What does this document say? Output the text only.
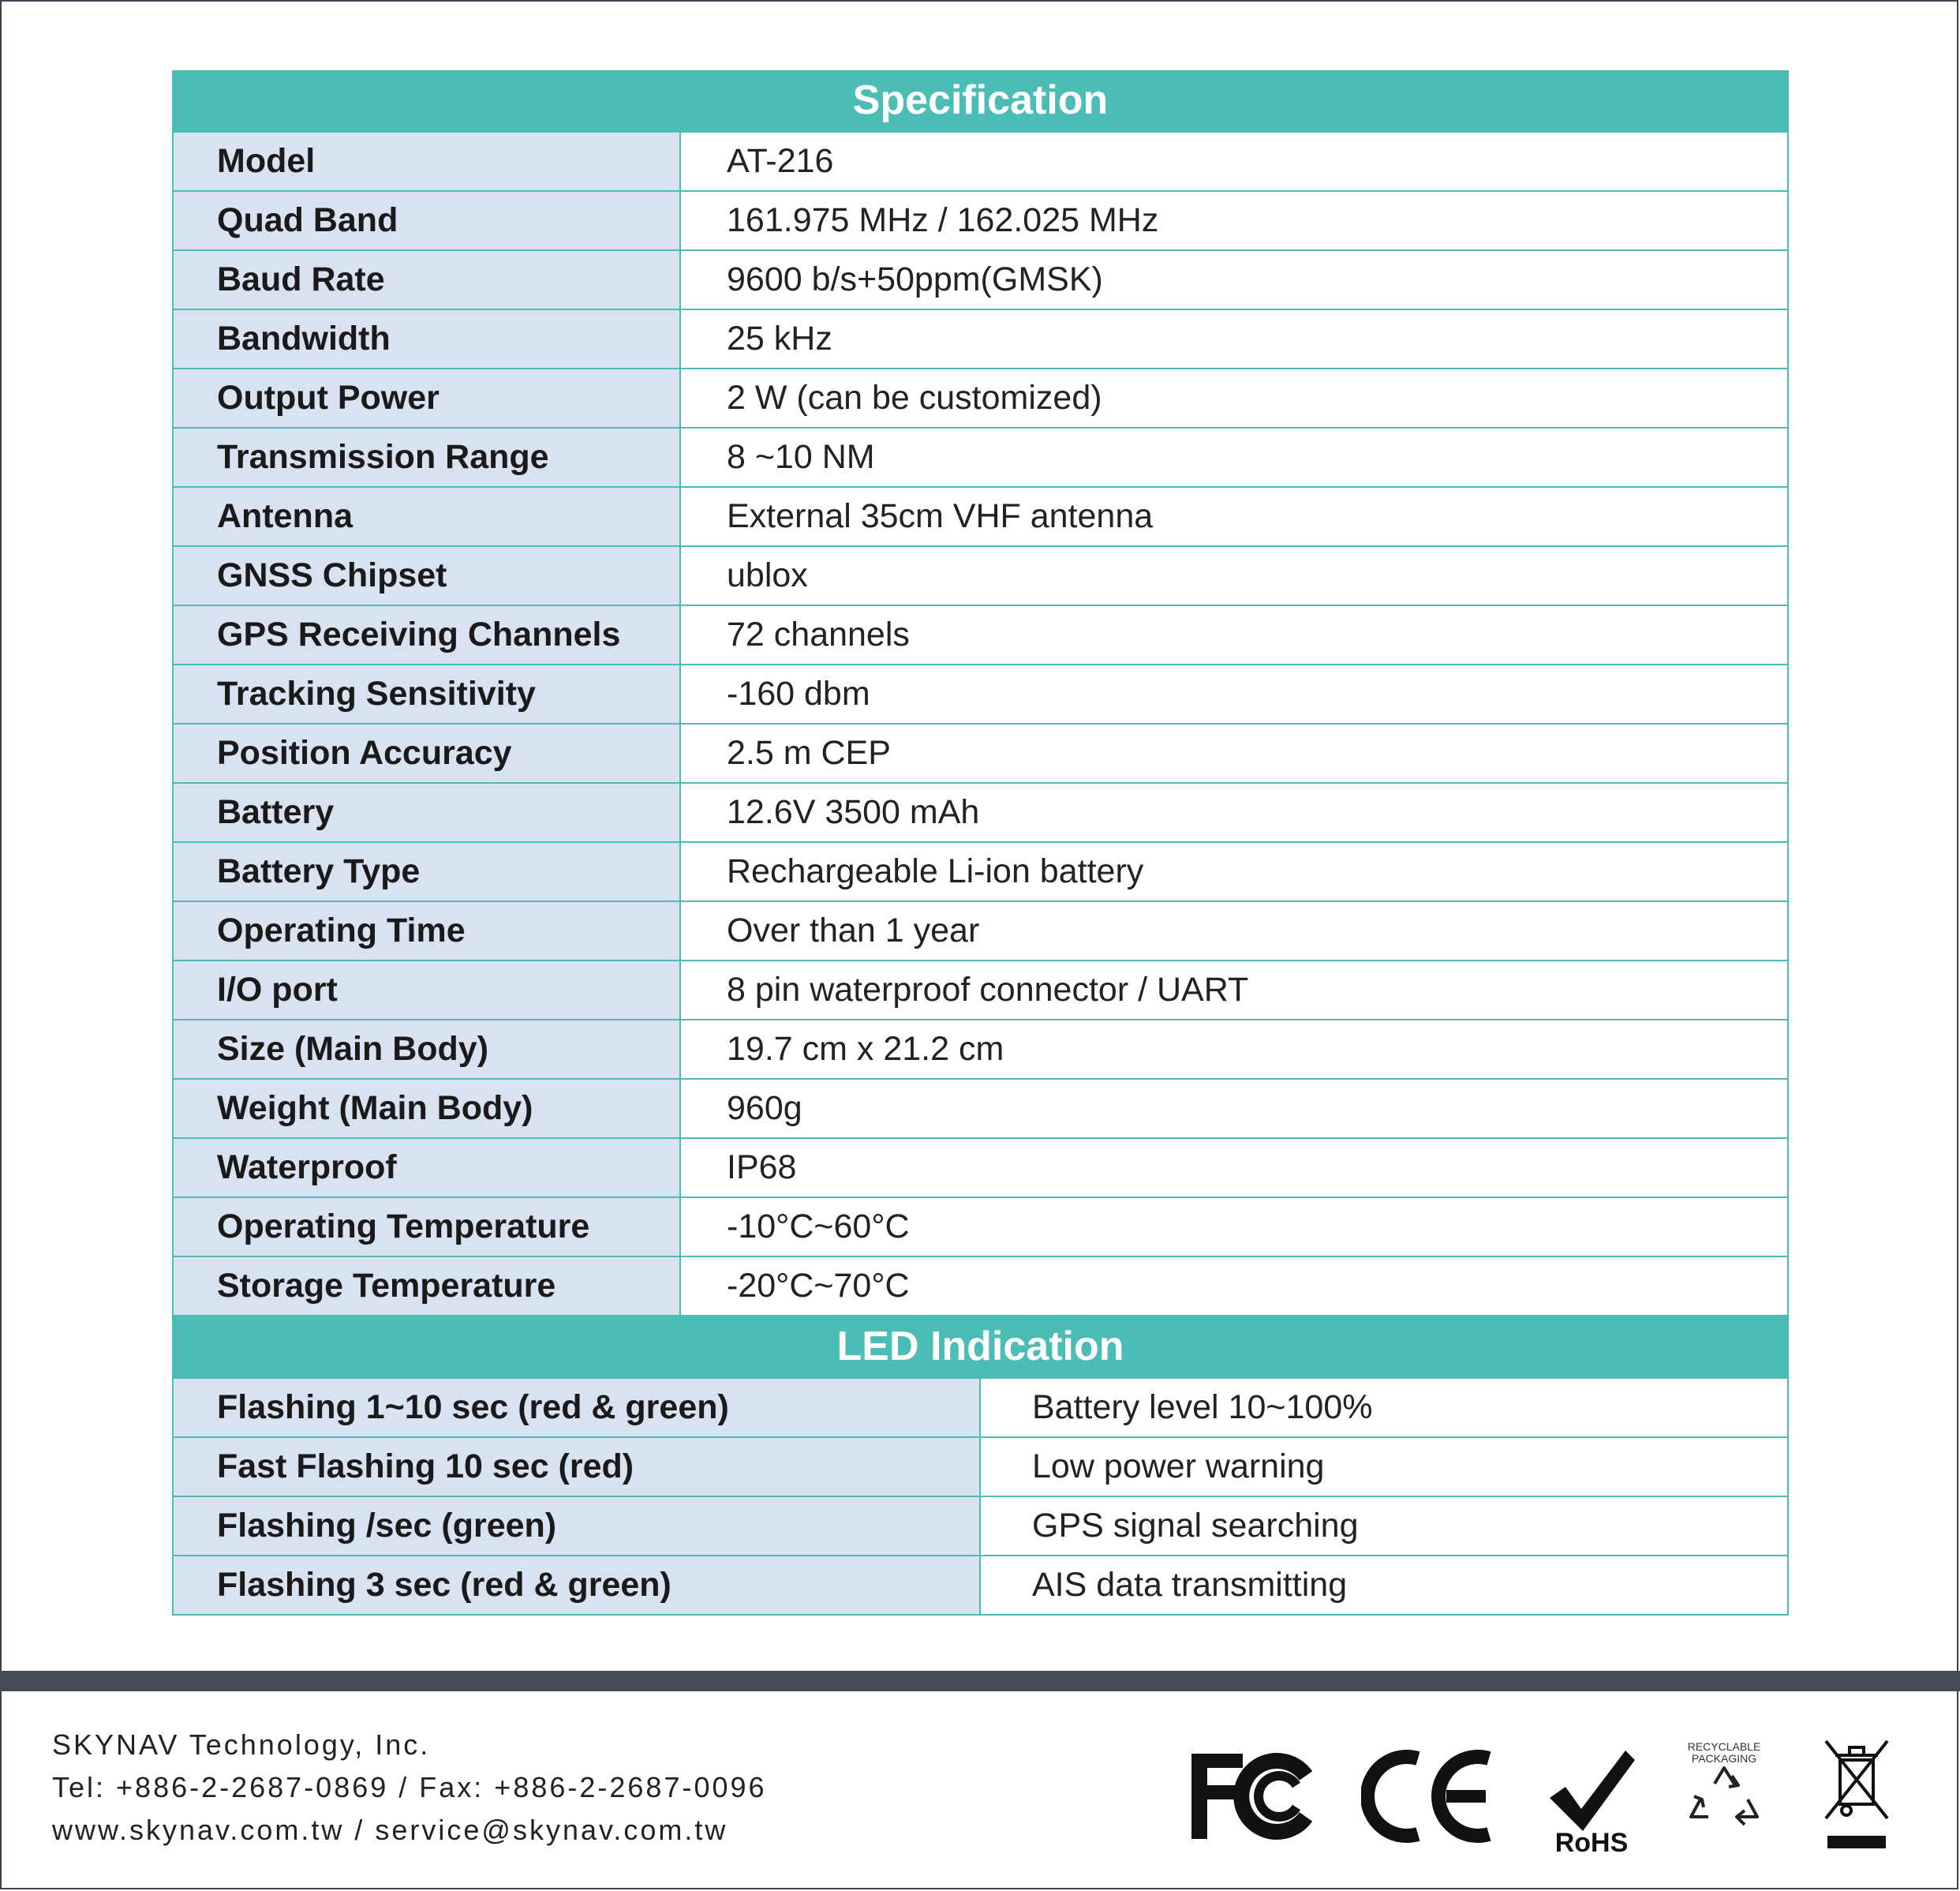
Specification
Model	AT-216
Quad Band	161.975 MHz / 162.025 MHz
Baud Rate	9600 b/s+50ppm(GMSK)
Bandwidth	25 kHz
Output Power	2 W (can be customized)
Transmission Range	8 ~10 NM
Antenna	External 35cm VHF antenna
GNSS Chipset	ublox
GPS Receiving Channels	72 channels
Tracking Sensitivity	-160 dbm
Position Accuracy	2.5 m CEP
Battery	12.6V 3500 mAh
Battery Type	Rechargeable Li-ion battery
Operating Time	Over than 1 year
I/O port	8 pin waterproof connector / UART
Size (Main Body)	19.7 cm x 21.2 cm
Weight (Main Body)	960g
Waterproof	IP68
Operating Temperature	-10°C~60°C
Storage Temperature	-20°C~70°C
LED Indication
Flashing 1~10 sec (red & green)	Battery level 10~100%
Fast Flashing 10 sec (red)	Low power warning
Flashing /sec (green)	GPS signal searching
Flashing 3 sec (red & green)	AIS data transmitting
SKYNAV Technology, Inc.
Tel: +886-2-2687-0869 / Fax: +886-2-2687-0096
www.skynav.com.tw / service@skynav.com.tw	RoHS
RECYCLABLE
PACKAGING
